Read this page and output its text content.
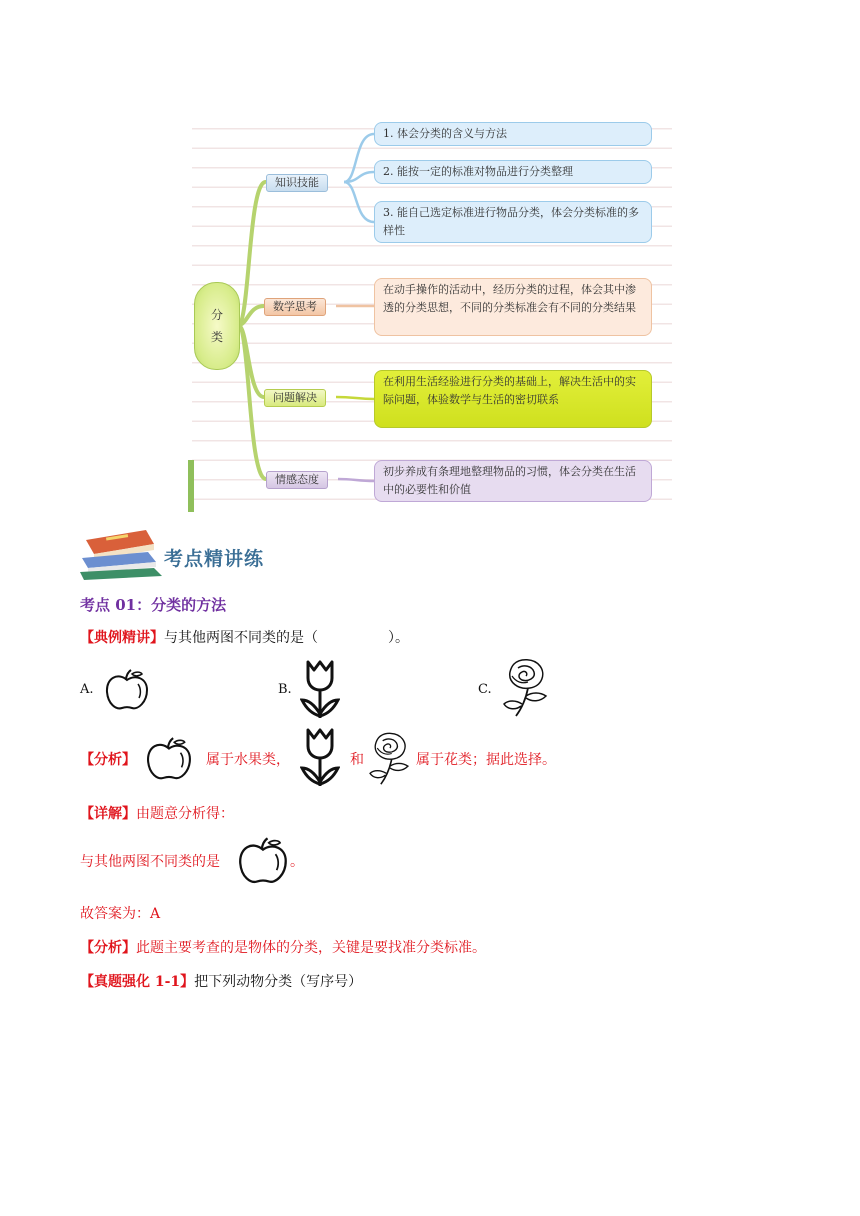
分
类
知识技能
数学思考
问题解决
情感态度
1. 体会分类的含义与方法
2. 能按一定的标准对物品进行分类整理
3. 能自己选定标准进行物品分类，体会分类标准的多样性
在动手操作的活动中，经历分类的过程，体会其中渗透的分类思想，不同的分类标准会有不同的分类结果
在利用生活经验进行分类的基础上，解决生活中的实际问题，体验数学与生活的密切联系
初步养成有条理地整理物品的习惯，体会分类在生活中的必要性和价值
考点精讲练
考点 01：分类的方法
【典例精讲】与其他两图不同类的是（　　　　　）。
A.	B.	C.
【分析】	属于水果类，	和	属于花类；据此选择。
【详解】由题意分析得：
与其他两图不同类的是	。
故答案为：A
【分析】此题主要考查的是物体的分类，关键是要找准分类标准。
【真题强化 1-1】把下列动物分类（写序号）
